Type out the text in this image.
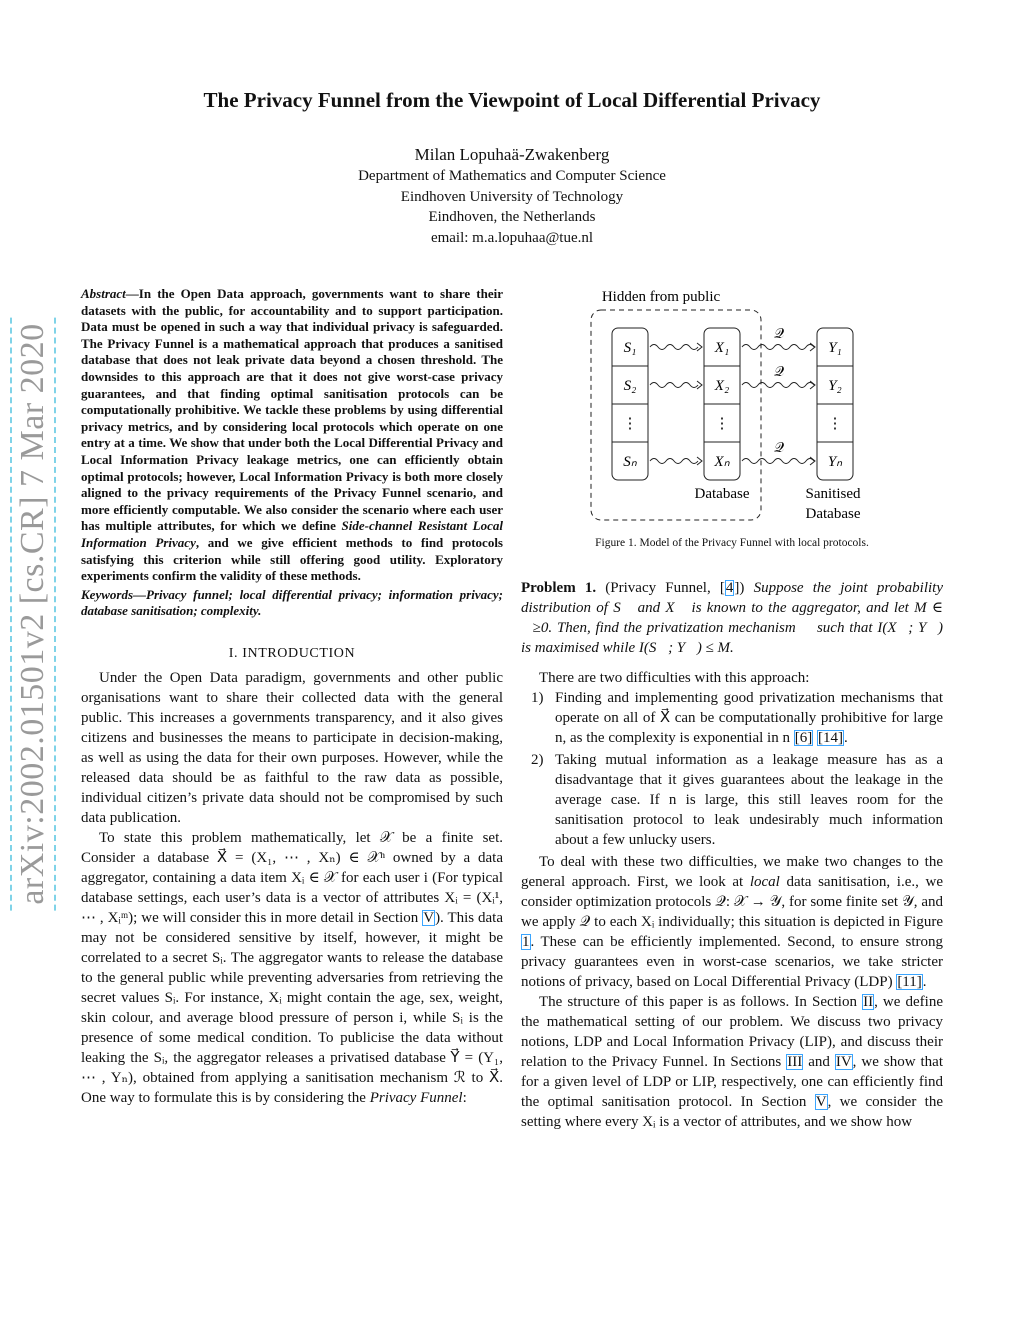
arXiv:2002.01501v2 [cs.CR] 7 Mar 2020
The Privacy Funnel from the Viewpoint of Local Differential Privacy
Milan Lopuhaä-Zwakenberg
Department of Mathematics and Computer Science
Eindhoven University of Technology
Eindhoven, the Netherlands
email: m.a.lopuhaa@tue.nl

Abstract—In the Open Data approach, governments want to share their datasets with the public, for accountability and to support participation. Data must be opened in such a way that individual privacy is safeguarded. The Privacy Funnel is a mathematical approach that produces a sanitised database that does not leak private data beyond a chosen threshold. The downsides to this approach are that it does not give worst-case privacy guarantees, and that finding optimal sanitisation protocols can be computationally prohibitive. We tackle these problems by using differential privacy metrics, and by considering local protocols which operate on one entry at a time. We show that under both the Local Differential Privacy and Local Information Privacy leakage metrics, one can efficiently obtain optimal protocols; however, Local Information Privacy is both more closely aligned to the privacy requirements of the Privacy Funnel scenario, and more efficiently computable. We also consider the scenario where each user has multiple attributes, for which we define Side-channel Resistant Local Information Privacy, and we give efficient methods to find protocols satisfying this criterion while still offering good utility. Exploratory experiments confirm the validity of these methods.

Keywords—Privacy funnel; local differential privacy; information privacy; database sanitisation; complexity.

I. INTRODUCTION

Under the Open Data paradigm, governments and other public organisations want to share their collected data with the general public. This increases a governments transparency, and it also gives citizens and businesses the means to participate in decision-making, as well as using the data for their own purposes. However, while the released data should be as faithful to the raw data as possible, individual citizen’s private data should not be compromised by such data publication.

To state this problem mathematically, let 𝒳 be a finite set. Consider a database X⃗ = (X₁, ⋯ , Xₙ) ∈ 𝒳ⁿ owned by a data aggregator, containing a data item Xᵢ ∈ 𝒳 for each user i (For typical database settings, each user’s data is a vector of attributes Xᵢ = (Xᵢ¹, ⋯ , Xᵢᵐ); we will consider this in more detail in Section V). This data may not be considered sensitive by itself, however, it might be correlated to a secret Sᵢ. The aggregator wants to release the database to the general public while preventing adversaries from retrieving the secret values Sᵢ. For instance, Xᵢ might contain the age, sex, weight, skin colour, and average blood pressure of person i, while Sᵢ is the presence of some medical condition. To publicise the data without leaking the Sᵢ, the aggregator releases a privatised database Y⃗ = (Y₁, ⋯ , Yₙ), obtained from applying a sanitisation mechanism ℛ to X⃗. One way to formulate this is by considering the Privacy Funnel:

Hidden from public
S₁
S₂
⋮
Sₙ
X₁
X₂
⋮
Xₙ
Y₁
Y₂
⋮
Yₙ
𝒬
𝒬
𝒬
Database	Sanitised
Database

Figure 1. Model of the Privacy Funnel with local protocols.

Problem 1. (Privacy Funnel, [4]) Suppose the joint probability distribution of S⃗ and X⃗ is known to the aggregator, and let M ∈ ℝ≥0. Then, find the privatization mechanism ℛ such that I(X⃗; Y⃗) is maximised while I(S⃗; Y⃗) ≤ M.

There are two difficulties with this approach:

1) Finding and implementing good privatization mechanisms that operate on all of X⃗ can be computationally prohibitive for large n, as the complexity is exponential in n [6] [14].
2) Taking mutual information as a leakage measure has as a disadvantage that it gives guarantees about the leakage in the average case. If n is large, this still leaves room for the sanitisation protocol to leak undesirably much information about a few unlucky users.

To deal with these two difficulties, we make two changes to the general approach. First, we look at local data sanitisation, i.e., we consider optimization protocols 𝒬: 𝒳 → 𝒴, for some finite set 𝒴, and we apply 𝒬 to each Xᵢ individually; this situation is depicted in Figure 1. These can be efficiently implemented. Second, to ensure strong privacy guarantees even in worst-case scenarios, we take stricter notions of privacy, based on Local Differential Privacy (LDP) [11].

The structure of this paper is as follows. In Section II, we define the mathematical setting of our problem. We discuss two privacy notions, LDP and Local Information Privacy (LIP), and discuss their relation to the Privacy Funnel. In Sections III and IV, we show that for a given level of LDP or LIP, respectively, one can efficiently find the optimal sanitisation protocol. In Section V, we consider the setting where every Xᵢ is a vector of attributes, and we show how
